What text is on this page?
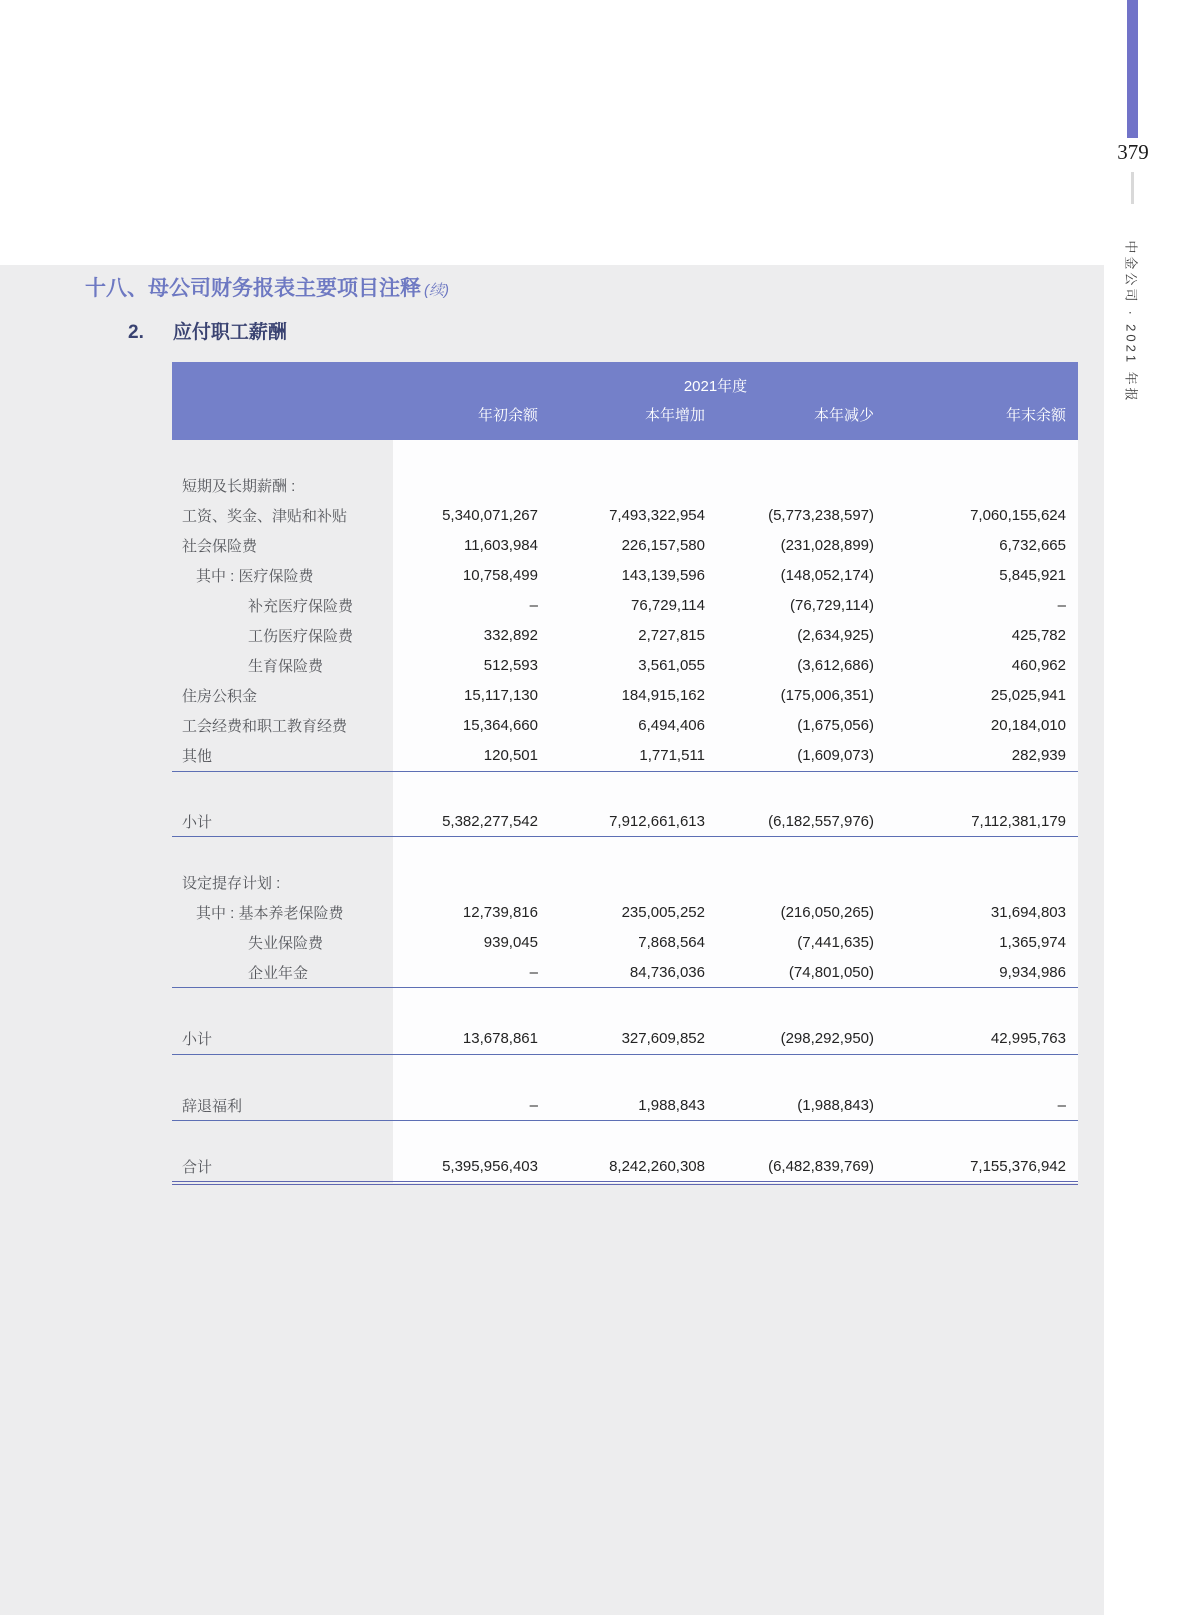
379
中金公司 ∙ 2021 年报
十八、母公司财务报表主要项目注释 (续)
2. 应付职工薪酬
2021年度				
	年初余额	本年增加	本年减少	年末余额

短期及长期薪酬 :				
工资、奖金、津贴和补贴	5,340,071,267	7,493,322,954	(5,773,238,597)	7,060,155,624
社会保险费	11,603,984	226,157,580	(231,028,899)	6,732,665
其中 : 医疗保险费	10,758,499	143,139,596	(148,052,174)	5,845,921
补充医疗保险费	–	76,729,114	(76,729,114)	–
工伤医疗保险费	332,892	2,727,815	(2,634,925)	425,782
生育保险费	512,593	3,561,055	(3,612,686)	460,962
住房公积金	15,117,130	184,915,162	(175,006,351)	25,025,941
工会经费和职工教育经费	15,364,660	6,494,406	(1,675,056)	20,184,010
其他	120,501	1,771,511	(1,609,073)	282,939

小计	5,382,277,542	7,912,661,613	(6,182,557,976)	7,112,381,179

设定提存计划 :				
其中 : 基本养老保险费	12,739,816	235,005,252	(216,050,265)	31,694,803
失业保险费	939,045	7,868,564	(7,441,635)	1,365,974
企业年金	–	84,736,036	(74,801,050)	9,934,986

小计	13,678,861	327,609,852	(298,292,950)	42,995,763

辞退福利	–	1,988,843	(1,988,843)	–

合计	5,395,956,403	8,242,260,308	(6,482,839,769)	7,155,376,942
